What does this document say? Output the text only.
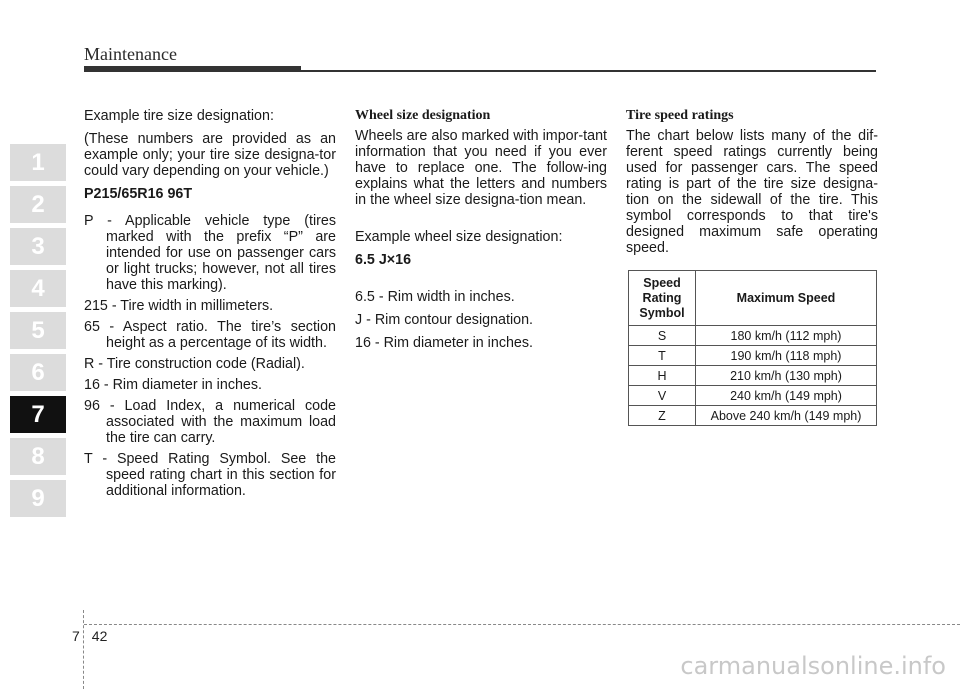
Maintenance
1
2
3
4
5
6
7
8
9

Example tire size designation:

(These numbers are provided as an example only; your tire size designa-tor could vary depending on your vehicle.)

P215/65R16 96T

P - Applicable vehicle type (tires marked with the prefix “P” are intended for use on passenger cars or light trucks; however, not all tires have this marking).

215 - Tire width in millimeters.

65 - Aspect ratio. The tire’s section height as a percentage of its width.

R - Tire construction code (Radial).

16 - Rim diameter in inches.

96 - Load Index, a numerical code associated with the maximum load the tire can carry.

T - Speed Rating Symbol. See the speed rating chart in this section for additional information.

Wheel size designation

Wheels are also marked with impor-tant information that you need if you ever have to replace one. The follow-ing explains what the letters and numbers in the wheel size designa-tion mean.

Example wheel size designation:

6.5 J×16

6.5 - Rim width in inches.

J - Rim contour designation.

16 - Rim diameter in inches.

Tire speed ratings

The chart below lists many of the dif-ferent speed ratings currently being used for passenger cars. The speed rating is part of the tire size designa-tion on the sidewall of the tire. This symbol corresponds to that tire's designed maximum safe operating speed.

Speed Rating Symbol	Maximum Speed
S	180 km/h (112 mph)
T	190 km/h (118 mph)
H	210 km/h (130 mph)
V	240 km/h (149 mph)
Z	Above 240 km/h (149 mph)
7 42
carmanualsonline.info
